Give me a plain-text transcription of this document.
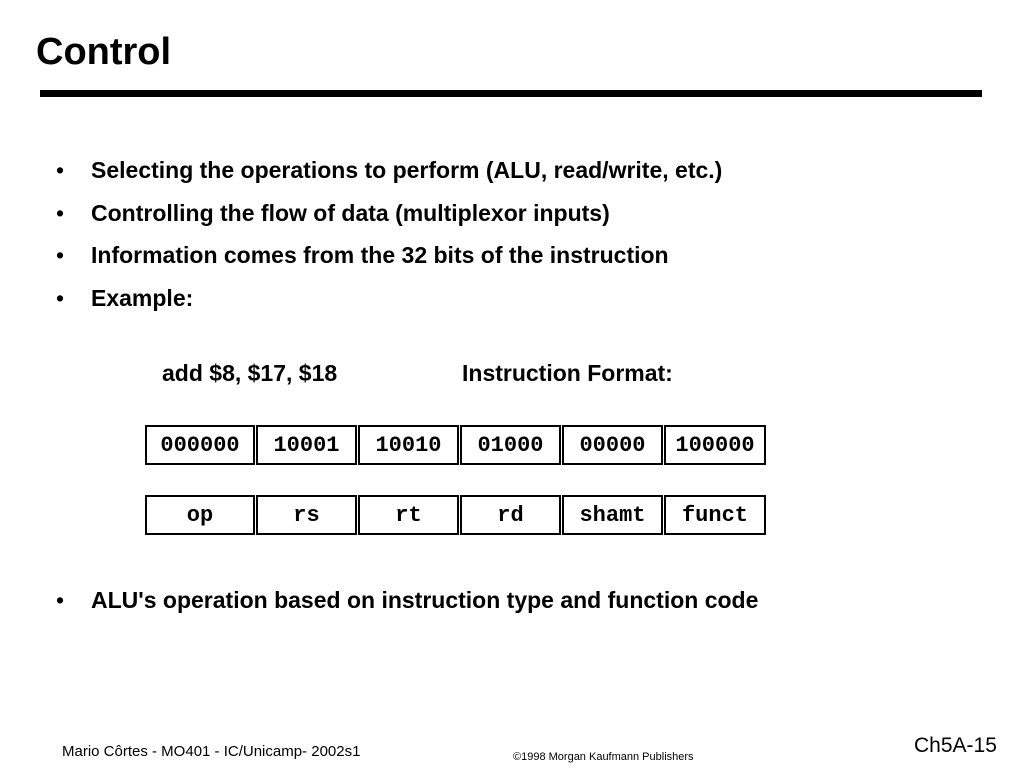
Control
• Selecting the operations to perform (ALU, read/write, etc.)
• Controlling the flow of data (multiplexor inputs)
• Information comes from the 32 bits of the instruction
• Example:
• ALU's operation based on instruction type and function code
add $8, $17, $18	Instruction Format:
000000	10001	10010	01000	00000	100000
op	rs	rt	rd	shamt	funct
Mario Côrtes - MO401 - IC/Unicamp- 2002s1	©1998 Morgan Kaufmann Publishers	Ch5A-15
